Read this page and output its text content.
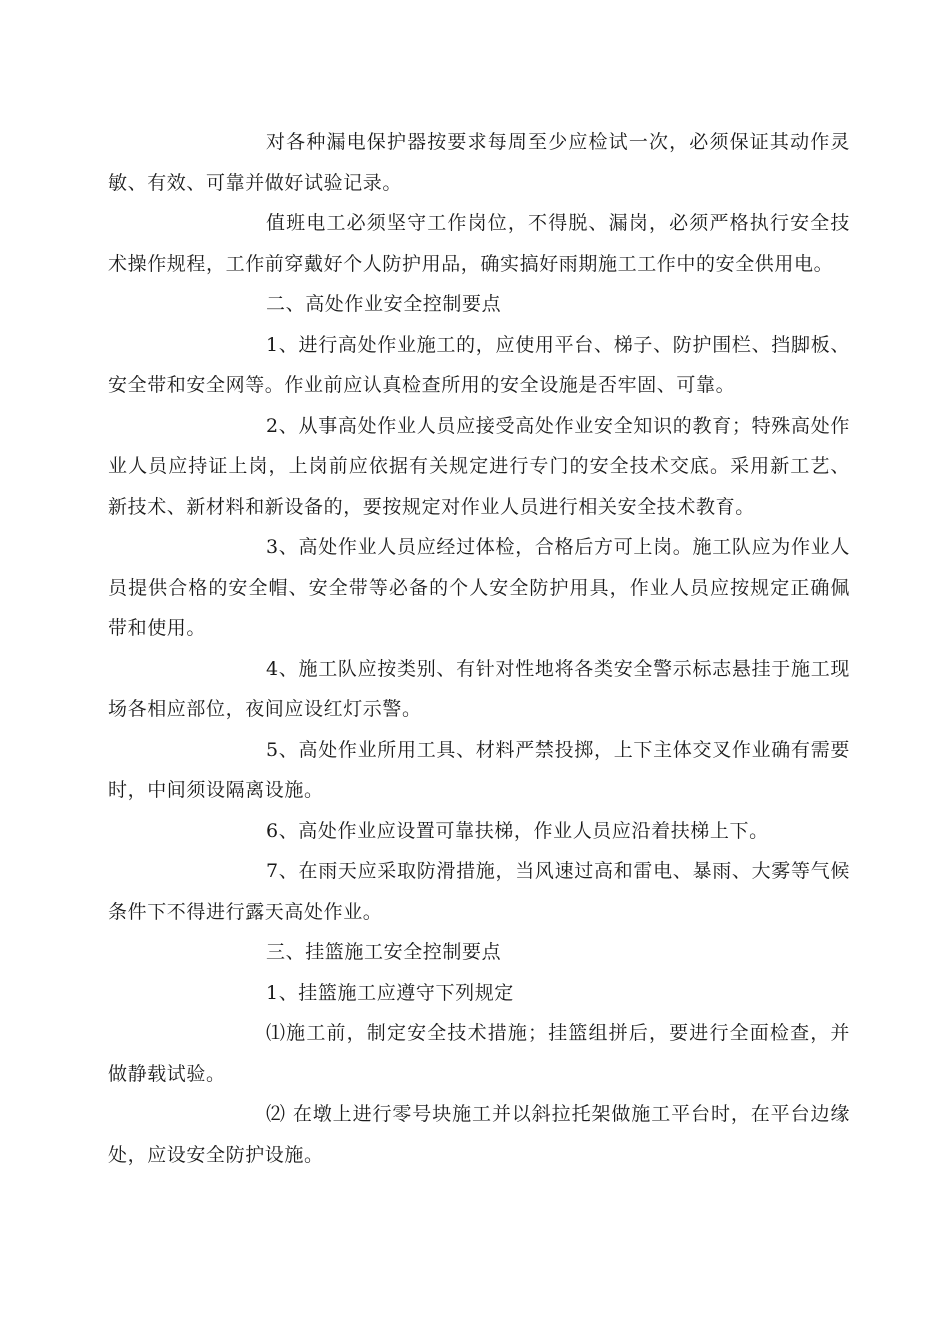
对各种漏电保护器按要求每周至少应检试一次，必须保证其动作灵敏、有效、可靠并做好试验记录。

值班电工必须坚守工作岗位，不得脱、漏岗，必须严格执行安全技术操作规程，工作前穿戴好个人防护用品，确实搞好雨期施工工作中的安全供用电。

二、高处作业安全控制要点

1、进行高处作业施工的，应使用平台、梯子、防护围栏、挡脚板、安全带和安全网等。作业前应认真检查所用的安全设施是否牢固、可靠。

2、从事高处作业人员应接受高处作业安全知识的教育；特殊高处作业人员应持证上岗，上岗前应依据有关规定进行专门的安全技术交底。采用新工艺、新技术、新材料和新设备的，要按规定对作业人员进行相关安全技术教育。

3、高处作业人员应经过体检，合格后方可上岗。施工队应为作业人员提供合格的安全帽、安全带等必备的个人安全防护用具，作业人员应按规定正确佩带和使用。

4、施工队应按类别、有针对性地将各类安全警示标志悬挂于施工现场各相应部位，夜间应设红灯示警。

5、高处作业所用工具、材料严禁投掷，上下主体交叉作业确有需要时，中间须设隔离设施。

6、高处作业应设置可靠扶梯，作业人员应沿着扶梯上下。

7、在雨天应采取防滑措施，当风速过高和雷电、暴雨、大雾等气候条件下不得进行露天高处作业。

三、挂篮施工安全控制要点

1、挂篮施工应遵守下列规定

⑴施工前，制定安全技术措施；挂篮组拼后，要进行全面检查，并做静载试验。

⑵ 在墩上进行零号块施工并以斜拉托架做施工平台时，在平台边缘处，应设安全防护设施。
